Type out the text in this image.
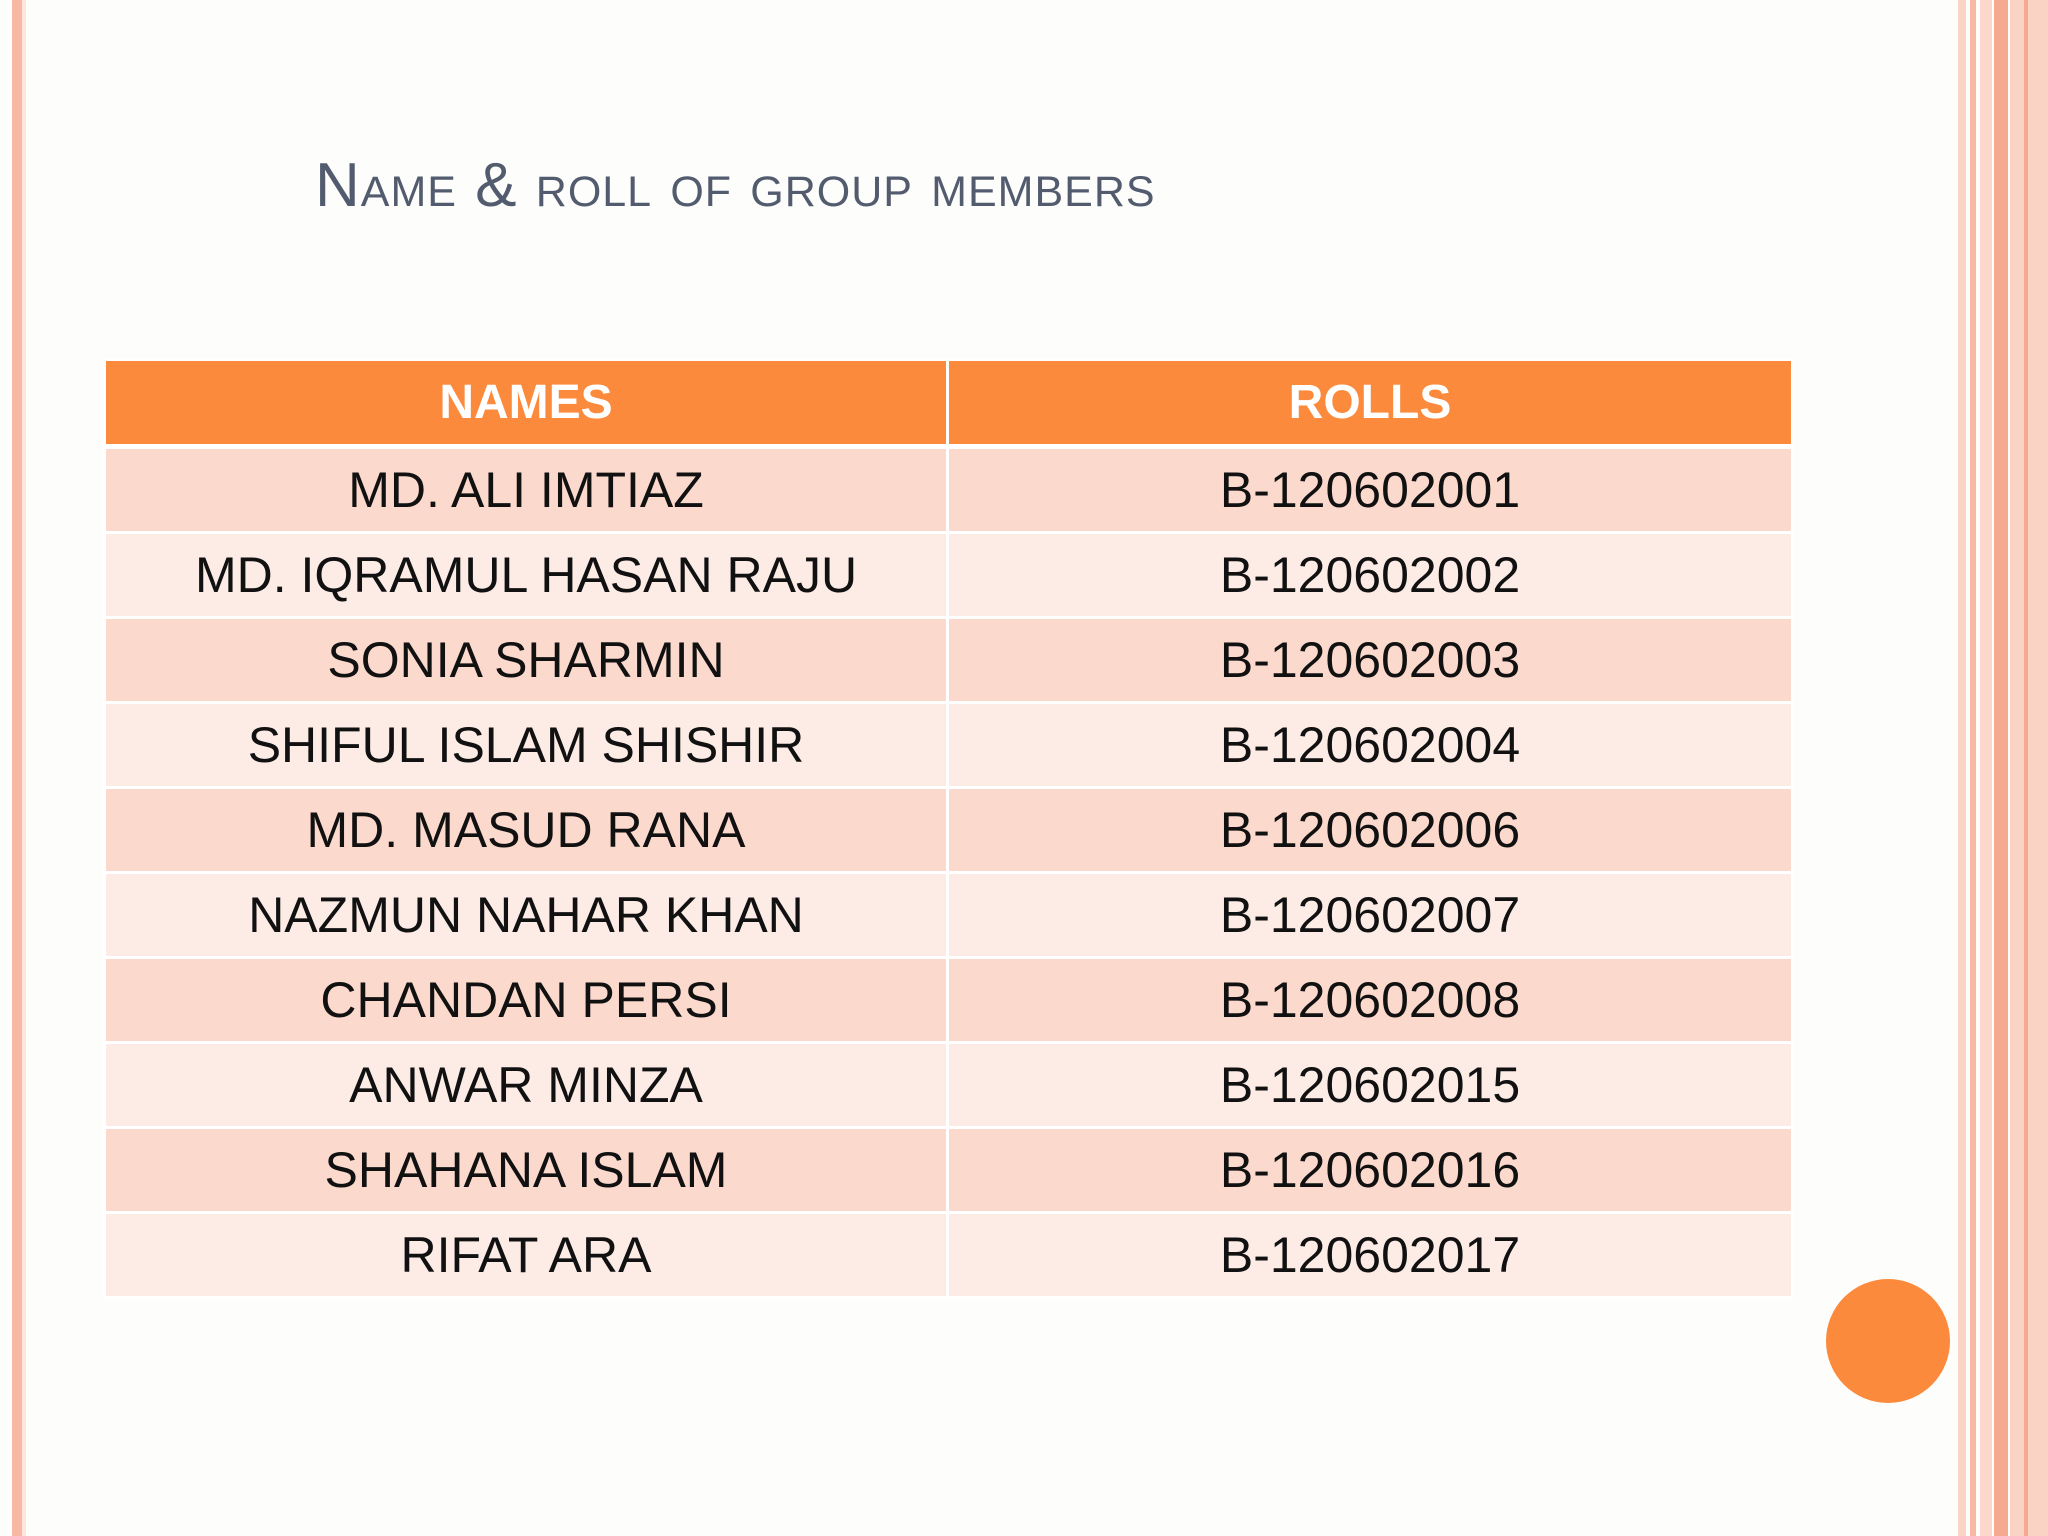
Name & roll of group members
NAMES	ROLLS
MD. ALI IMTIAZ	B-120602001
MD. IQRAMUL HASAN RAJU	B-120602002
SONIA SHARMIN	B-120602003
SHIFUL ISLAM SHISHIR	B-120602004
MD. MASUD RANA	B-120602006
NAZMUN NAHAR KHAN	B-120602007
CHANDAN PERSI	B-120602008
ANWAR MINZA	B-120602015
SHAHANA ISLAM	B-120602016
RIFAT ARA	B-120602017
